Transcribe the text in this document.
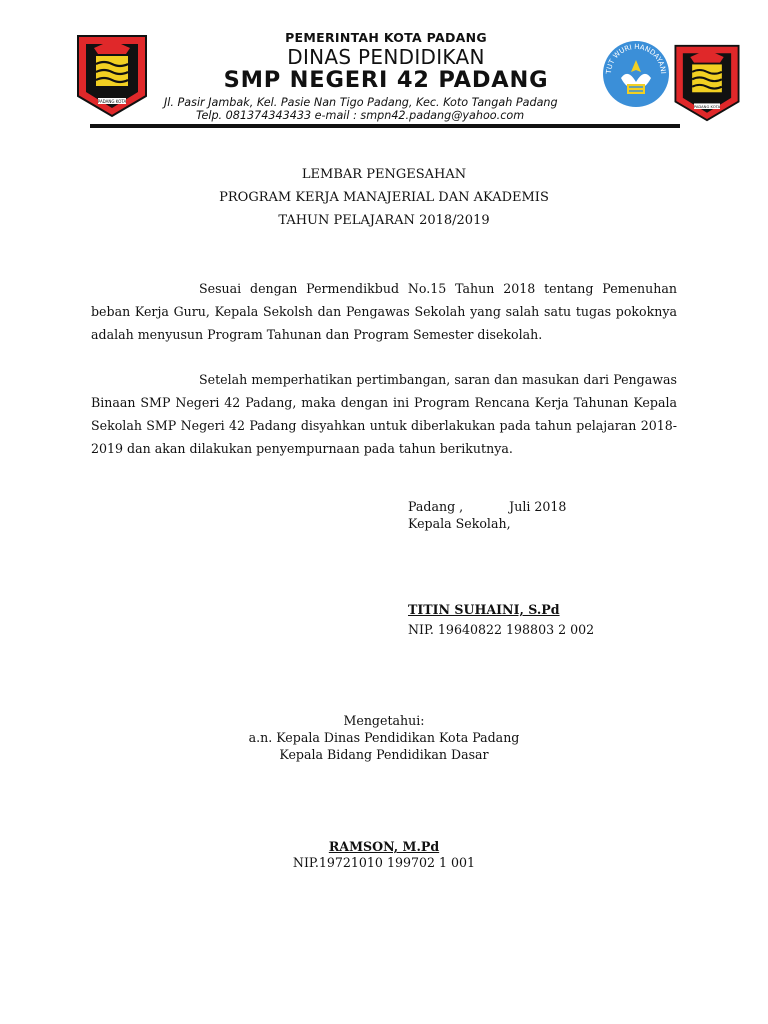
PADANG KOTA
PEMERINTAH KOTA PADANG
DINAS PENDIDIKAN
SMP NEGERI 42 PADANG
Jl. Pasir Jambak, Kel. Pasie Nan Tigo Padang, Kec. Koto Tangah Padang
Telp. 081374343433 e-mail : smpn42.padang@yahoo.com
TUT WURI HANDAYANI
PADANG KOTA
LEMBAR PENGESAHAN
PROGRAM KERJA MANAJERIAL DAN AKADEMIS
TAHUN PELAJARAN 2018/2019

Sesuai dengan Permendikbud No.15 Tahun 2018 tentang Pemenuhan beban Kerja Guru, Kepala Sekolsh dan Pengawas Sekolah yang salah satu tugas pokoknya adalah menyusun Program Tahunan dan Program Semester disekolah.

Setelah memperhatikan pertimbangan, saran dan masukan dari Pengawas Binaan SMP Negeri 42 Padang, maka dengan ini Program Rencana Kerja Tahunan Kepala Sekolah SMP Negeri 42 Padang disyahkan untuk diberlakukan pada tahun pelajaran 2018-2019 dan akan dilakukan penyempurnaan pada tahun berikutnya.

Padang ,	Juli 2018
Kepala Sekolah,
TITIN SUHAINI, S.Pd
NIP. 19640822 198803 2 002
Mengetahui:
a.n. Kepala Dinas Pendidikan Kota Padang
Kepala Bidang Pendidikan Dasar
RAMSON, M.Pd
NIP.19721010 199702 1 001
